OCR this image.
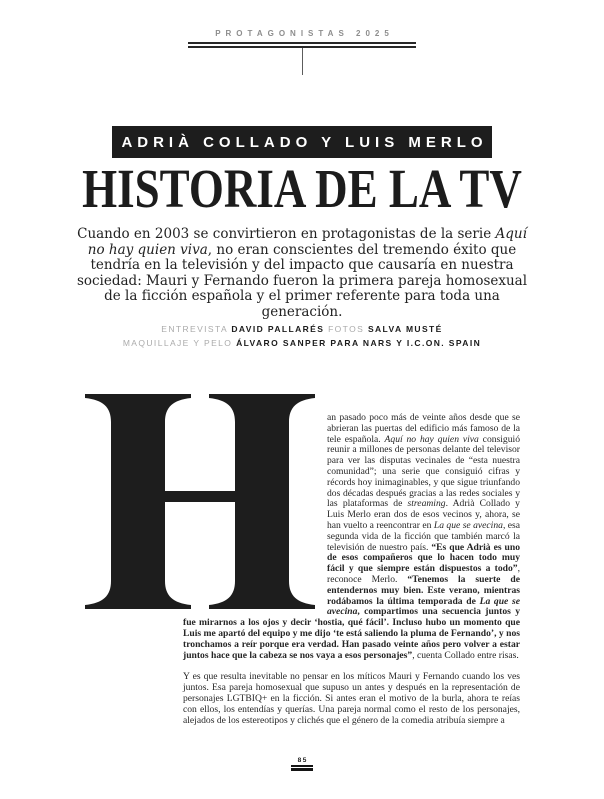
PROTAGONISTAS 2025
ADRIÀ COLLADO Y LUIS MERLO
HISTORIA DE LA TV

Cuando en 2003 se convirtieron en protagonistas de la serie Aquí no hay quien viva, no eran conscientes del tremendo éxito que tendría en la televisión y del impacto que causaría en nuestra sociedad: Mauri y Fernando fueron la primera pareja homosexual de la ficción española y el primer referente para toda una generación.

ENTREVISTA DAVID PALLARÉS FOTOS SALVA MUSTÉ
MAQUILLAJE Y PELO ÁLVARO SANPER PARA NARS Y I.C.ON. SPAIN

an pasado poco más de veinte años desde que se abrieran las puertas del edificio más famoso de la tele española. Aquí no hay quien viva consiguió reunir a millones de personas delante del televisor para ver las disputas vecinales de “esta nuestra comunidad”; una serie que consiguió cifras y récords hoy inimaginables, y que sigue triunfando dos décadas después gracias a las redes sociales y las plataformas de streaming. Adrià Collado y Luis Merlo eran dos de esos vecinos y, ahora, se han vuelto a reencontrar en La que se avecina, esa segunda vida de la ficción que también marcó la televisión de nuestro país. “Es que Adrià es uno de esos compañeros que lo hacen todo muy fácil y que siempre están dispuestos a todo”, reconoce Merlo. “Tenemos la suerte de entendernos muy bien. Este verano, mientras rodábamos la última temporada de La que se avecina, compartimos una secuencia juntos y fue mirarnos a los ojos y decir ‘hostia, qué fácil’. Incluso hubo un momento que Luis me apartó del equipo y me dijo ‘te está saliendo la pluma de Fernando’, y nos tronchamos a reír porque era verdad. Han pasado veinte años pero volver a estar juntos hace que la cabeza se nos vaya a esos personajes”, cuenta Collado entre risas.

Y es que resulta inevitable no pensar en los míticos Mauri y Fernando cuando los ves juntos. Esa pareja homosexual que supuso un antes y después en la representación de personajes LGTBIQ+ en la ficción. Si antes eran el motivo de la burla, ahora te reías con ellos, los entendías y querías. Una pareja normal como el resto de los personajes, alejados de los estereotipos y clichés que el género de la comedia atribuía siempre a

85
